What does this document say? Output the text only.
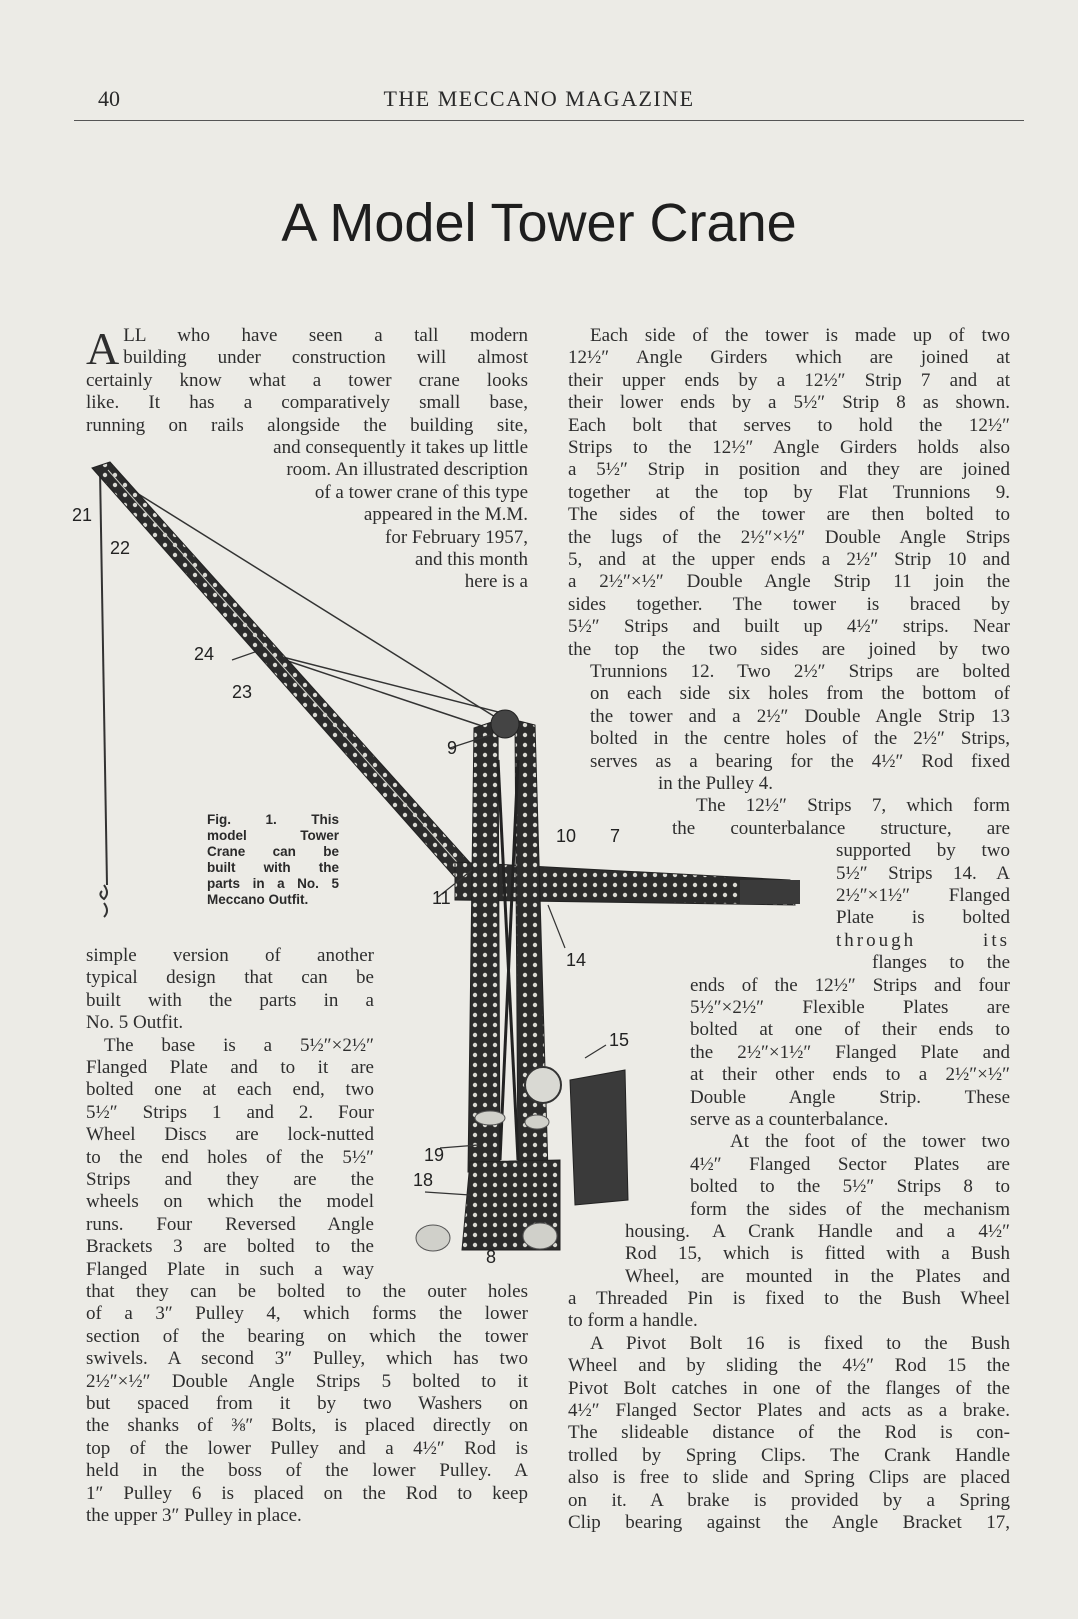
40	THE MECCANO MAGAZINE
A Model Tower Crane
21
22
24
23
9
10 7
11
14
15
19
18
8
Fig. 1. This
model Tower
Crane can be
built with the
parts in a No. 5
Meccano Outfit.
A LL who have seen a tall modern
building under construction will almost
certainly know what a tower crane looks
like. It has a comparatively small base,
running on rails alongside the building site,
and consequently it takes up little
room. An illustrated description
of a tower crane of this type
appeared in the M.M.
for February 1957,
and this month
here is a
simple version of another
typical design that can be
built with the parts in a
No. 5 Outfit.
The base is a 5½″×2½″
Flanged Plate and to it are
bolted one at each end, two
5½″ Strips 1 and 2. Four
Wheel Discs are lock-nutted
to the end holes of the 5½″
Strips and they are the
wheels on which the model
runs. Four Reversed Angle
Brackets 3 are bolted to the
Flanged Plate in such a way
that they can be bolted to the outer holes
of a 3″ Pulley 4, which forms the lower
section of the bearing on which the tower
swivels. A second 3″ Pulley, which has two
2½″×½″ Double Angle Strips 5 bolted to it
but spaced from it by two Washers on
the shanks of ⅜″ Bolts, is placed directly on
top of the lower Pulley and a 4½″ Rod is
held in the boss of the lower Pulley. A
1″ Pulley 6 is placed on the Rod to keep
the upper 3″ Pulley in place.
Each side of the tower is made up of two
12½″ Angle Girders which are joined at
their upper ends by a 12½″ Strip 7 and at
their lower ends by a 5½″ Strip 8 as shown.
Each bolt that serves to hold the 12½″
Strips to the 12½″ Angle Girders holds also
a 5½″ Strip in position and they are joined
together at the top by Flat Trunnions 9.
The sides of the tower are then bolted to
the lugs of the 2½″×½″ Double Angle Strips
5, and at the upper ends a 2½″ Strip 10 and
a 2½″×½″ Double Angle Strip 11 join the
sides together. The tower is braced by
5½″ Strips and built up 4½″ strips. Near
the top the two sides are joined by two
Trunnions 12. Two 2½″ Strips are bolted
on each side six holes from the bottom of
the tower and a 2½″ Double Angle Strip 13
bolted in the centre holes of the 2½″ Strips,
serves as a bearing for the 4½″ Rod fixed
in the Pulley 4.
The 12½″ Strips 7, which form
the counterbalance structure, are
supported by two
5½″ Strips 14. A
2½″×1½″ Flanged
Plate is bolted
through its
flanges to the
ends of the 12½″ Strips and four
5½″×2½″ Flexible Plates are
bolted at one of their ends to
the 2½″×1½″ Flanged Plate and
at their other ends to a 2½″×½″
Double Angle Strip. These
serve as a counterbalance.
At the foot of the tower two
4½″ Flanged Sector Plates are
bolted to the 5½″ Strips 8 to
form the sides of the mechanism
housing. A Crank Handle and a 4½″
Rod 15, which is fitted with a Bush
Wheel, are mounted in the Plates and
a Threaded Pin is fixed to the Bush Wheel
to form a handle.
A Pivot Bolt 16 is fixed to the Bush
Wheel and by sliding the 4½″ Rod 15 the
Pivot Bolt catches in one of the flanges of the
4½″ Flanged Sector Plates and acts as a brake.
The slideable distance of the Rod is con-
trolled by Spring Clips. The Crank Handle
also is free to slide and Spring Clips are placed
on it. A brake is provided by a Spring
Clip bearing against the Angle Bracket 17,
